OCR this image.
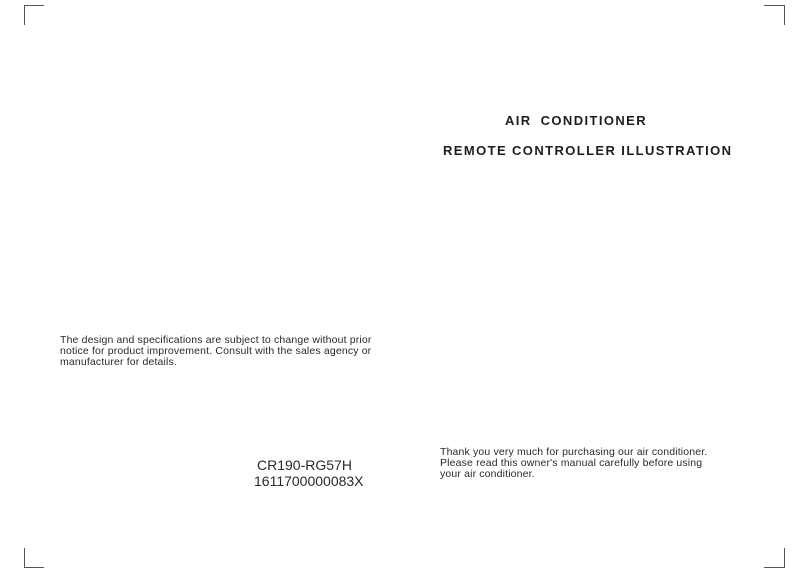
AIR CONDITIONER
REMOTE CONTROLLER ILLUSTRATION
The design and specifications are subject to change without prior
notice for product improvement. Consult with the sales agency or
manufacturer for details.
CR190-RG57H
1611700000083X
Thank you very much for purchasing our air conditioner.
Please read this owner's manual carefully before using
your air conditioner.
